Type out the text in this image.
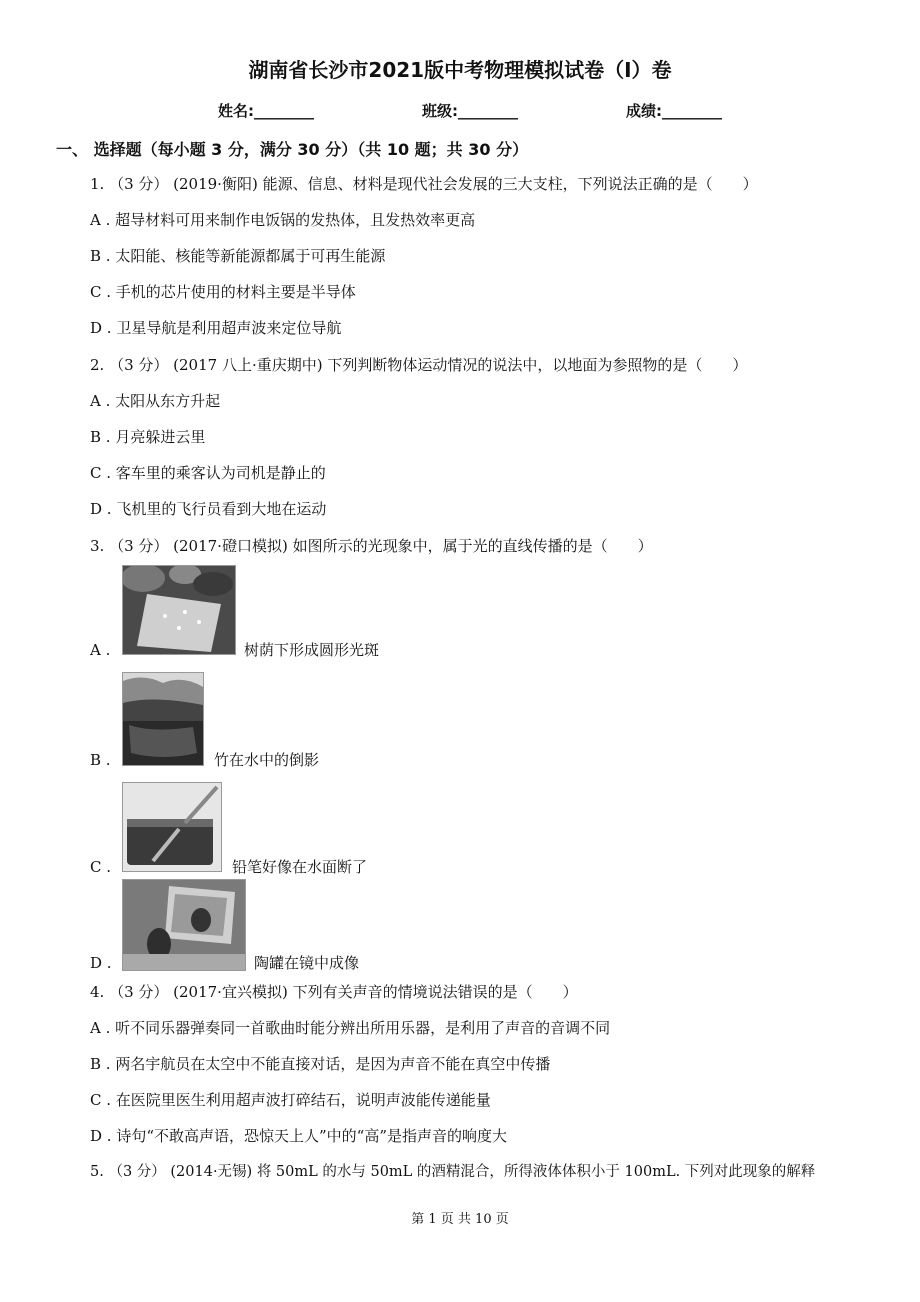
湖南省长沙市2021版中考物理模拟试卷（I）卷
姓名:________	班级:________	成绩:________
一、 选择题（每小题 3 分，满分 30 分）（共 10 题；共 30 分）
1. （3 分） (2019·衡阳) 能源、信息、材料是现代社会发展的三大支柱，下列说法正确的是（　　）
A . 超导材料可用来制作电饭锅的发热体，且发热效率更高
B . 太阳能、核能等新能源都属于可再生能源
C . 手机的芯片使用的材料主要是半导体
D . 卫星导航是利用超声波来定位导航
2. （3 分） (2017 八上·重庆期中) 下列判断物体运动情况的说法中，以地面为参照物的是（　　）
A . 太阳从东方升起
B . 月亮躲进云里
C . 客车里的乘客认为司机是静止的
D . 飞机里的飞行员看到大地在运动
3. （3 分） (2017·磴口模拟) 如图所示的光现象中，属于光的直线传播的是（　　）
A .	树荫下形成圆形光斑
B .	竹在水中的倒影
C .	铅笔好像在水面断了
D .	陶罐在镜中成像
4. （3 分） (2017·宜兴模拟) 下列有关声音的情境说法错误的是（　　）
A . 听不同乐器弹奏同一首歌曲时能分辨出所用乐器，是利用了声音的音调不同
B . 两名宇航员在太空中不能直接对话，是因为声音不能在真空中传播
C . 在医院里医生利用超声波打碎结石，说明声波能传递能量
D . 诗句“不敢高声语，恐惊天上人”中的“高”是指声音的响度大
5. （3 分） (2014·无锡) 将 50mL 的水与 50mL 的酒精混合，所得液体体积小于 100mL. 下列对此现象的解释
第 1 页 共 10 页
